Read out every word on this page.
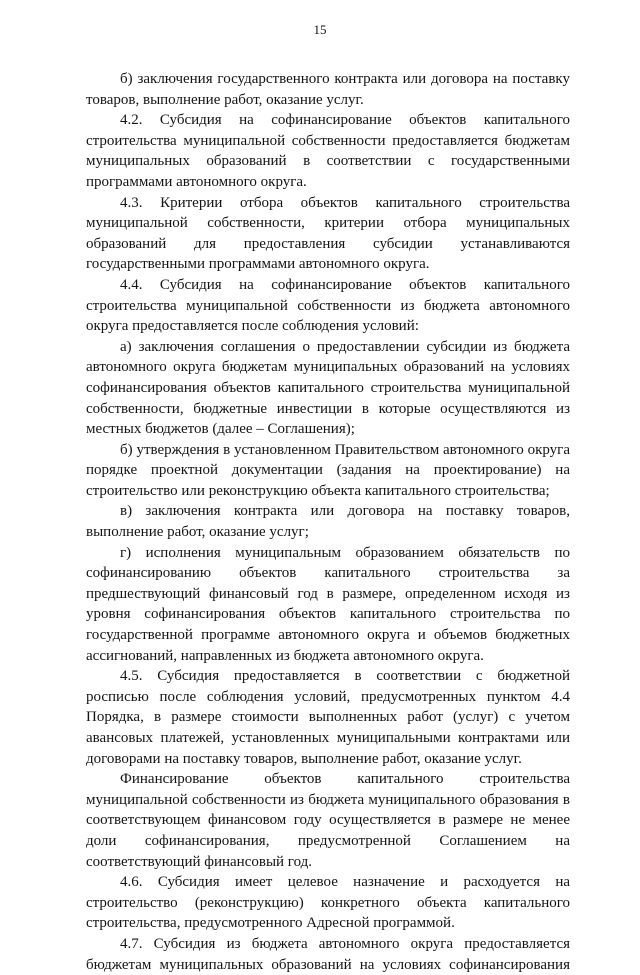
15

б) заключения государственного контракта или договора на поставку товаров, выполнение работ, оказание услуг.

4.2. Субсидия на софинансирование объектов капитального строительства муниципальной собственности предоставляется бюджетам муниципальных образований в соответствии с государственными программами автономного округа.

4.3. Критерии отбора объектов капитального строительства муниципальной собственности, критерии отбора муниципальных образований для предоставления субсидии устанавливаются государственными программами автономного округа.

4.4. Субсидия на софинансирование объектов капитального строительства муниципальной собственности из бюджета автономного округа предоставляется после соблюдения условий:

а) заключения соглашения о предоставлении субсидии из бюджета автономного округа бюджетам муниципальных образований на условиях софинансирования объектов капитального строительства муниципальной собственности, бюджетные инвестиции в которые осуществляются из местных бюджетов (далее – Соглашения);

б) утверждения в установленном Правительством автономного округа порядке проектной документации (задания на проектирование) на строительство или реконструкцию объекта капитального строительства;

в) заключения контракта или договора на поставку товаров, выполнение работ, оказание услуг;

г) исполнения муниципальным образованием обязательств по софинансированию объектов капитального строительства за предшествующий финансовый год в размере, определенном исходя из уровня софинансирования объектов капитального строительства по государственной программе автономного округа и объемов бюджетных ассигнований, направленных из бюджета автономного округа.

4.5. Субсидия предоставляется в соответствии с бюджетной росписью после соблюдения условий, предусмотренных пунктом 4.4 Порядка, в размере стоимости выполненных работ (услуг) с учетом авансовых платежей, установленных муниципальными контрактами или договорами на поставку товаров, выполнение работ, оказание услуг.

Финансирование объектов капитального строительства муниципальной собственности из бюджета муниципального образования в соответствующем финансовом году осуществляется в размере не менее доли софинансирования, предусмотренной Соглашением на соответствующий финансовый год.

4.6. Субсидия имеет целевое назначение и расходуется на строительство (реконструкцию) конкретного объекта капитального строительства, предусмотренного Адресной программой.

4.7. Субсидия из бюджета автономного округа предоставляется бюджетам муниципальных образований на условиях софинансирования
